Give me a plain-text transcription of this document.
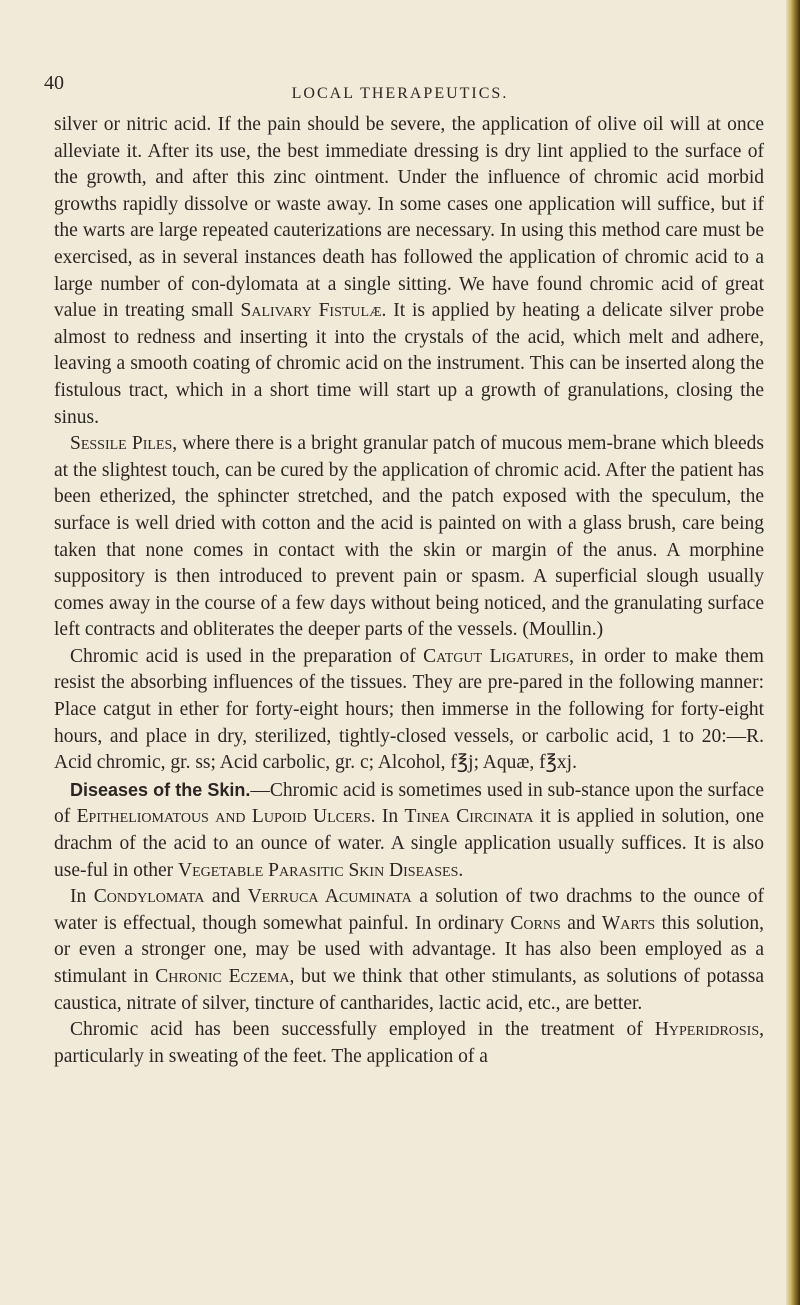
40	LOCAL THERAPEUTICS.

silver or nitric acid. If the pain should be severe, the application of olive oil will at once alleviate it. After its use, the best immediate dressing is dry lint applied to the surface of the growth, and after this zinc ointment. Under the influence of chromic acid morbid growths rapidly dissolve or waste away. In some cases one application will suffice, but if the warts are large repeated cauterizations are necessary. In using this method care must be exercised, as in several instances death has followed the application of chromic acid to a large number of con-dylomata at a single sitting. We have found chromic acid of great value in treating small Salivary Fistulæ. It is applied by heating a delicate silver probe almost to redness and inserting it into the crystals of the acid, which melt and adhere, leaving a smooth coating of chromic acid on the instrument. This can be inserted along the fistulous tract, which in a short time will start up a growth of granulations, closing the sinus.

Sessile Piles, where there is a bright granular patch of mucous mem-brane which bleeds at the slightest touch, can be cured by the application of chromic acid. After the patient has been etherized, the sphincter stretched, and the patch exposed with the speculum, the surface is well dried with cotton and the acid is painted on with a glass brush, care being taken that none comes in contact with the skin or margin of the anus. A morphine suppository is then introduced to prevent pain or spasm. A superficial slough usually comes away in the course of a few days without being noticed, and the granulating surface left contracts and obliterates the deeper parts of the vessels. (Moullin.)

Chromic acid is used in the preparation of Catgut Ligatures, in order to make them resist the absorbing influences of the tissues. They are pre-pared in the following manner: Place catgut in ether for forty-eight hours; then immerse in the following for forty-eight hours, and place in dry, sterilized, tightly-closed vessels, or carbolic acid, 1 to 20:—R. Acid chromic, gr. ss; Acid carbolic, gr. c; Alcohol, f℥j; Aquæ, f℥xj.

Diseases of the Skin.—Chromic acid is sometimes used in sub-stance upon the surface of Epitheliomatous and Lupoid Ulcers. In Tinea Circinata it is applied in solution, one drachm of the acid to an ounce of water. A single application usually suffices. It is also use-ful in other Vegetable Parasitic Skin Diseases.

In Condylomata and Verruca Acuminata a solution of two drachms to the ounce of water is effectual, though somewhat painful. In ordinary Corns and Warts this solution, or even a stronger one, may be used with advantage. It has also been employed as a stimulant in Chronic Eczema, but we think that other stimulants, as solutions of potassa caustica, nitrate of silver, tincture of cantharides, lactic acid, etc., are better.

Chromic acid has been successfully employed in the treatment of Hyperidrosis, particularly in sweating of the feet. The application of a
